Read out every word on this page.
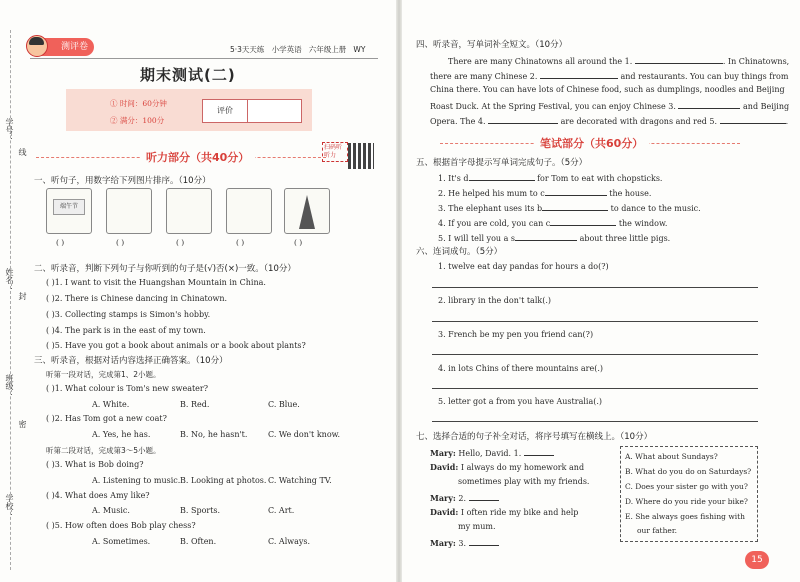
学号：
姓名：
班级：
学校：
线
封
密
测评卷	5·3天天练 小学英语 六年级上册 WY
期末测试(二)
① 时间：60分钟
② 满分：100分
评价
听力部分（共40分）
扫码听听力
一、听句子，用数字给下列图片排序。（10分）
端午节
( )	( )	( )	( )	( )
二、听录音，判断下列句子与你听到的句子是(√)否(×)一致。（10分）
( )1. I want to visit the Huangshan Mountain in China.
( )2. There is Chinese dancing in Chinatown.
( )3. Collecting stamps is Simon's hobby.
( )4. The park is in the east of my town.
( )5. Have you got a book about animals or a book about plants?
三、听录音，根据对话内容选择正确答案。（10分）
听第一段对话，完成第1、2小题。
( )1. What colour is Tom's new sweater?
A. White.	B. Red.	C. Blue.
( )2. Has Tom got a new coat?
A. Yes, he has.	B. No, he hasn't.	C. We don't know.
听第二段对话，完成第3～5小题。
( )3. What is Bob doing?
A. Listening to music. B. Looking at photos. C. Watching TV.
( )4. What does Amy like?
A. Music.	B. Sports.	C. Art.
( )5. How often does Bob play chess?
A. Sometimes.	B. Often.	C. Always.
四、听录音，写单词补全短文。（10分）
There are many Chinatowns all around the 1.	. In Chinatowns,
there are many Chinese 2.	and restaurants. You can buy things from
China there. You can have lots of Chinese food, such as dumplings, noodles and Beijing
Roast Duck. At the Spring Festival, you can enjoy Chinese 3.	and Beijing
Opera. The 4.	are decorated with dragons and red 5.	.
笔试部分（共60分）
五、根据首字母提示写单词完成句子。（5分）
1. It's d	for Tom to eat with chopsticks.
2. He helped his mum to c	the house.
3. The elephant uses its b	to dance to the music.
4. If you are cold, you can c	the window.
5. I will tell you a s	about three little pigs.
六、连词成句。（5分）
1. twelve eat day pandas for hours a do(?)
2. library in the don't talk(.)
3. French be my pen you friend can(?)
4. in lots Chins of there mountains are(.)
5. letter got a from you have Australia(.)
七、选择合适的句子补全对话，将序号填写在横线上。（10分）
Mary: Hello, David. 1.
David: I always do my homework and
sometimes play with my friends.
Mary: 2.
David: I often ride my bike and help
my mum.
Mary: 3.
A. What about Sundays?
B. What do you do on Saturdays?
C. Does your sister go with you?
D. Where do you ride your bike?
E. She always goes fishing with
our father.
15
